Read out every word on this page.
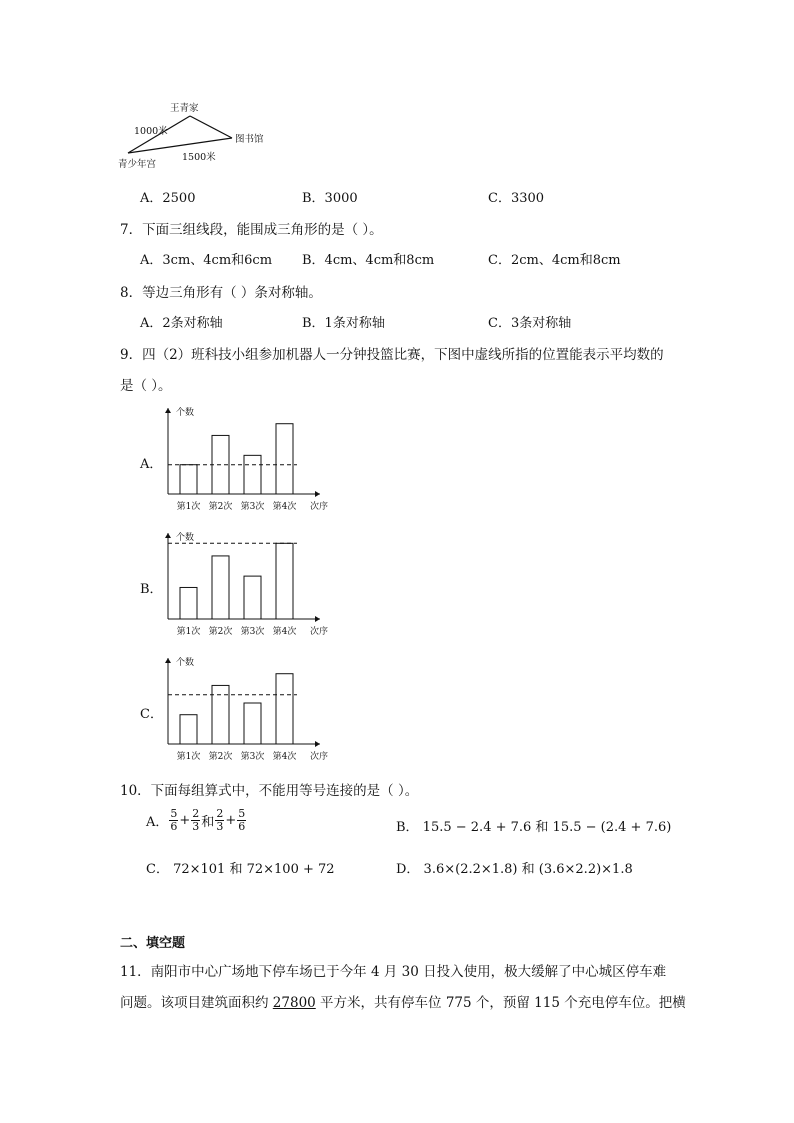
王青家
1000米
图书馆
1500米
青少年宫
A．2500	B．3000	C．3300
7．下面三组线段，能围成三角形的是（ ）。
A．3cm、4cm和6cm B．4cm、4cm和8cm	C．2cm、4cm和8cm
8．等边三角形有（ ）条对称轴。
A．2条对称轴	B．1条对称轴	C．3条对称轴
9．四（2）班科技小组参加机器人一分钟投篮比赛，下图中虚线所指的位置能表示平均数的
是（ ）。
A．
B．
C．
个数
次序
第1次 第2次 第3次 第4次
个数
次序
第1次 第2次 第3次 第4次
个数
次序
第1次 第2次 第3次 第4次
10．下面每组算式中，不能用等号连接的是（ ）。
A． $\frac{5}{6} + \frac{2}{3}$ 和 $\frac{2}{3} + \frac{5}{6}$	B． 15.5 − 2.4 + 7.6 和 15.5 − (2.4 + 7.6)
C． 72×101 和 72×100 + 72	D． 3.6×(2.2×1.8) 和 (3.6×2.2)×1.8
二、填空题
11．南阳市中心广场地下停车场已于今年 4 月 30 日投入使用，极大缓解了中心城区停车难
问题。该项目建筑面积约 27800 平方米，共有停车位 775 个，预留 115 个充电停车位。把横
